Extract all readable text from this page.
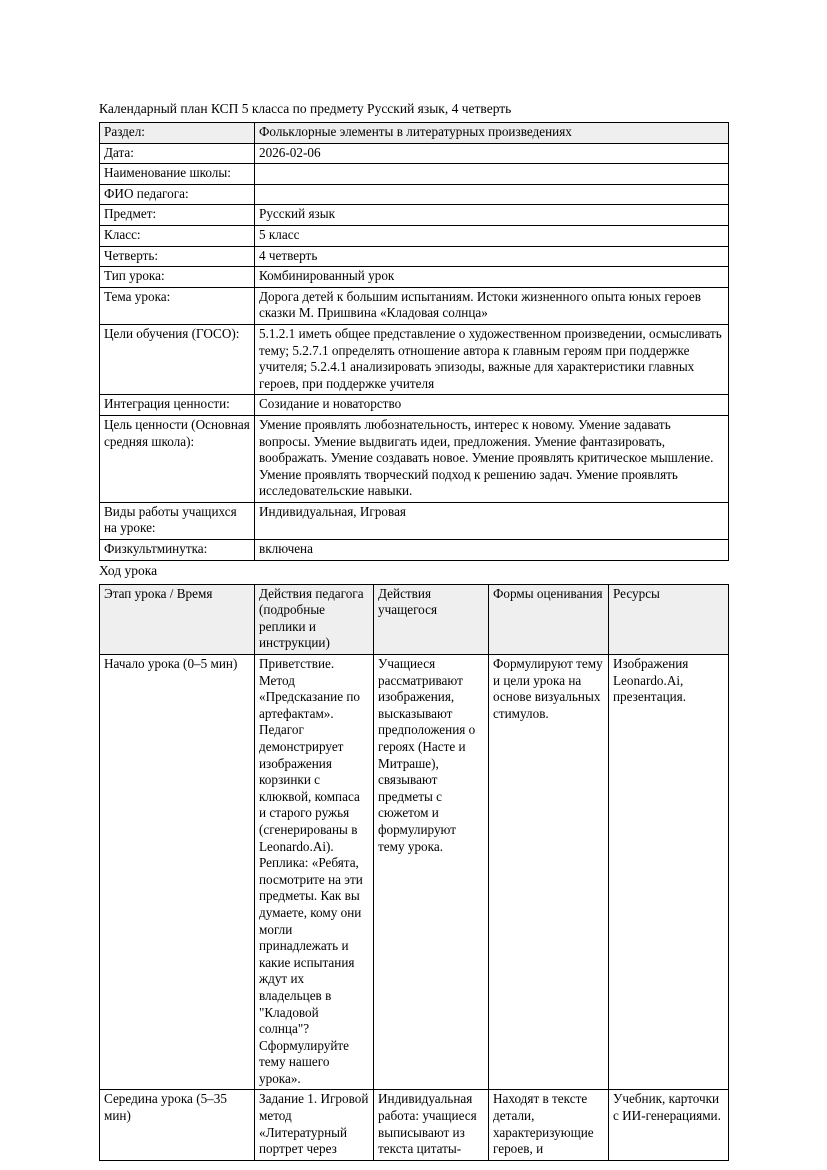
Календарный план КСП 5 класса по предмету Русский язык, 4 четверть
Раздел:	Фольклорные элементы в литературных произведениях
Дата:	2026-02-06
Наименование школы:	
ФИО педагога:	
Предмет:	Русский язык
Класс:	5 класс
Четверть:	4 четверть
Тип урока:	Комбинированный урок
Тема урока:	Дорога детей к большим испытаниям. Истоки жизненного опыта юных героев сказки М. Пришвина «Кладовая солнца»
Цели обучения (ГОСО):	5.1.2.1 иметь общее представление о художественном произведении, осмысливать тему; 5.2.7.1 определять отношение автора к главным героям при поддержке учителя; 5.2.4.1 анализировать эпизоды, важные для характеристики главных героев, при поддержке учителя
Интеграция ценности:	Созидание и новаторство
Цель ценности (Основная средняя школа):	Умение проявлять любознательность, интерес к новому. Умение задавать вопросы. Умение выдвигать идеи, предложения. Умение фантазировать, воображать. Умение создавать новое. Умение проявлять критическое мышление. Умение проявлять творческий подход к решению задач. Умение проявлять исследовательские навыки.
Виды работы учащихся на уроке:	Индивидуальная, Игровая
Физкультминутка:	включена
Ход урока
Этап урока / Время	Действия педагога (подробные реплики и инструкции)	Действия учащегося	Формы оценивания	Ресурсы
Начало урока (0–5 мин)	Приветствие. Метод «Предсказание по артефактам». Педагог демонстрирует изображения корзинки с клюквой, компаса и старого ружья (сгенерированы в Leonardo.Ai). Реплика: «Ребята, посмотрите на эти предметы. Как вы думаете, кому они могли принадлежать и какие испытания ждут их владельцев в "Кладовой солнца"? Сформулируйте тему нашего урока».	Учащиеся рассматривают изображения, высказывают предположения о героях (Насте и Митраше), связывают предметы с сюжетом и формулируют тему урока.	Формулируют тему и цели урока на основе визуальных стимулов.	Изображения Leonardo.Ai, презентация.
Середина урока (5–35 мин)	Задание 1. Игровой метод «Литературный портрет через	Индивидуальная работа: учащиеся выписывают из текста цитаты-	Находят в тексте детали, характеризующие героев, и	Учебник, карточки с ИИ-генерациями.
